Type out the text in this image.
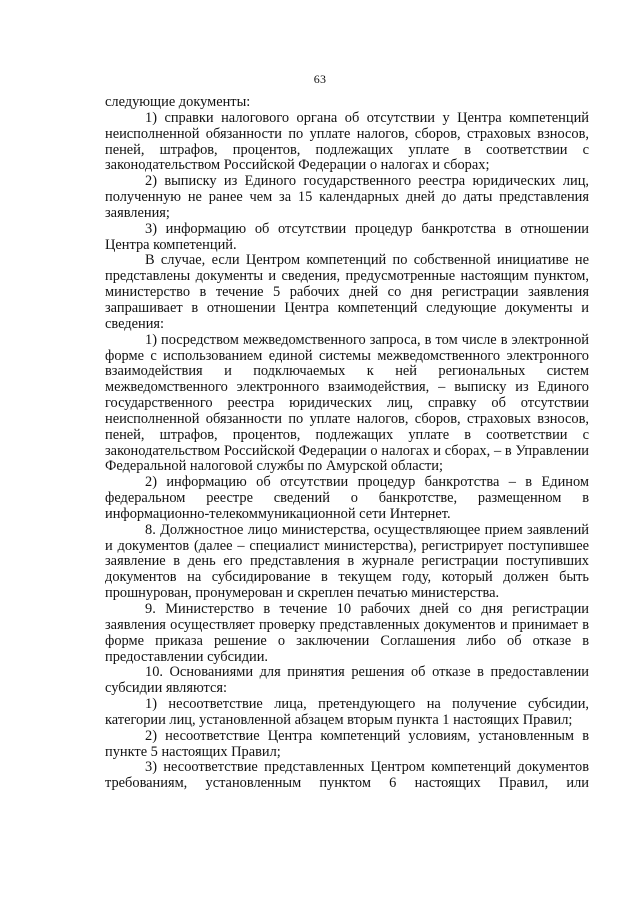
63

следующие документы:

1) справки налогового органа об отсутствии у Центра компетенций неисполненной обязанности по уплате налогов, сборов, страховых взносов, пеней, штрафов, процентов, подлежащих уплате в соответствии с законодательством Российской Федерации о налогах и сборах;

2) выписку из Единого государственного реестра юридических лиц, полученную не ранее чем за 15 календарных дней до даты представления заявления;

3) информацию об отсутствии процедур банкротства в отношении Центра компетенций.

В случае, если Центром компетенций по собственной инициативе не представлены документы и сведения, предусмотренные настоящим пунктом, министерство в течение 5 рабочих дней со дня регистрации заявления запрашивает в отношении Центра компетенций следующие документы и сведения:

1) посредством межведомственного запроса, в том числе в электронной форме с использованием единой системы межведомственного электронного взаимодействия и подключаемых к ней региональных систем межведомственного электронного взаимодействия, – выписку из Единого государственного реестра юридических лиц, справку об отсутствии неисполненной обязанности по уплате налогов, сборов, страховых взносов, пеней, штрафов, процентов, подлежащих уплате в соответствии с законодательством Российской Федерации о налогах и сборах, – в Управлении Федеральной налоговой службы по Амурской области;

2) информацию об отсутствии процедур банкротства – в Едином федеральном реестре сведений о банкротстве, размещенном в информационно-телекоммуникационной сети Интернет.

8. Должностное лицо министерства, осуществляющее прием заявлений и документов (далее – специалист министерства), регистрирует поступившее заявление в день его представления в журнале регистрации поступивших документов на субсидирование в текущем году, который должен быть прошнурован, пронумерован и скреплен печатью министерства.

9. Министерство в течение 10 рабочих дней со дня регистрации заявления осуществляет проверку представленных документов и принимает в форме приказа решение о заключении Соглашения либо об отказе в предоставлении субсидии.

10. Основаниями для принятия решения об отказе в предоставлении субсидии являются:

1) несоответствие лица, претендующего на получение субсидии, категории лиц, установленной абзацем вторым пункта 1 настоящих Правил;

2) несоответствие Центра компетенций условиям, установленным в пункте 5 настоящих Правил;

3) несоответствие представленных Центром компетенций документов требованиям, установленным пунктом 6 настоящих Правил, или
